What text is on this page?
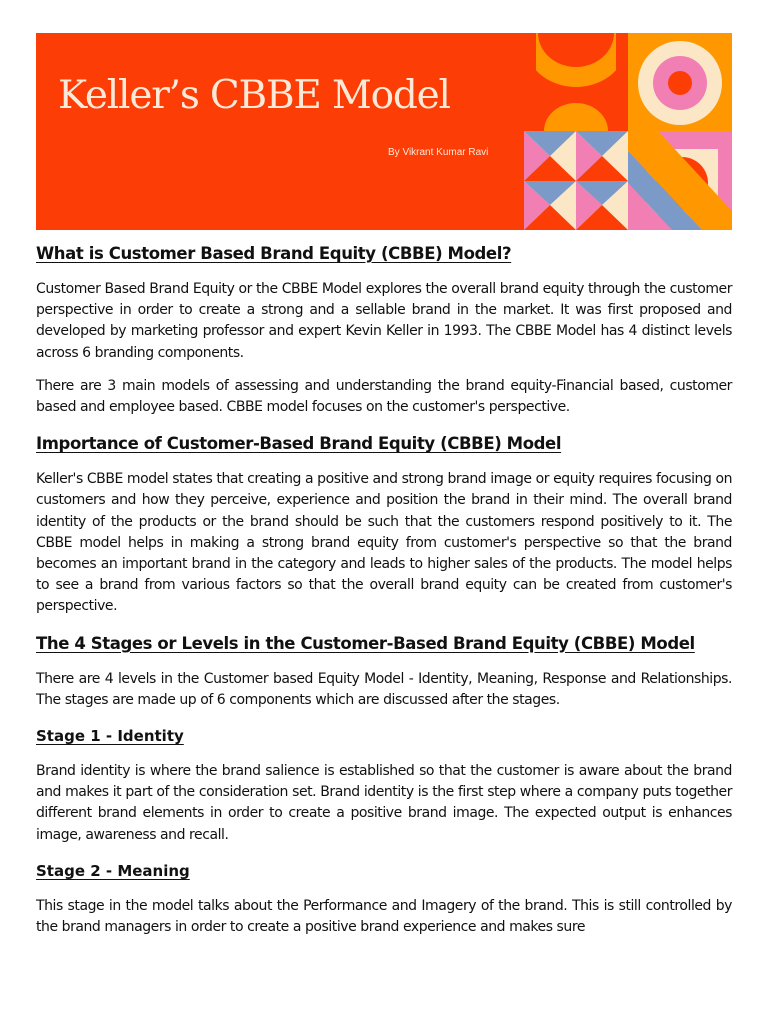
Keller’s CBBE Model
By Vikrant Kumar Ravi
What is Customer Based Brand Equity (CBBE) Model?

Customer Based Brand Equity or the CBBE Model explores the overall brand equity through the customer perspective in order to create a strong and a sellable brand in the market. It was first proposed and developed by marketing professor and expert Kevin Keller in 1993. The CBBE Model has 4 distinct levels across 6 branding components.

There are 3 main models of assessing and understanding the brand equity-Financial based, customer based and employee based. CBBE model focuses on the customer's perspective.

Importance of Customer-Based Brand Equity (CBBE) Model

Keller's CBBE model states that creating a positive and strong brand image or equity requires focusing on customers and how they perceive, experience and position the brand in their mind. The overall brand identity of the products or the brand should be such that the customers respond positively to it. The CBBE model helps in making a strong brand equity from customer's perspective so that the brand becomes an important brand in the category and leads to higher sales of the products. The model helps to see a brand from various factors so that the overall brand equity can be created from customer's perspective.

The 4 Stages or Levels in the Customer-Based Brand Equity (CBBE) Model

There are 4 levels in the Customer based Equity Model - Identity, Meaning, Response and Relationships. The stages are made up of 6 components which are discussed after the stages.

Stage 1 - Identity

Brand identity is where the brand salience is established so that the customer is aware about the brand and makes it part of the consideration set. Brand identity is the first step where a company puts together different brand elements in order to create a positive brand image. The expected output is enhances image, awareness and recall.

Stage 2 - Meaning

This stage in the model talks about the Performance and Imagery of the brand. This is still controlled by the brand managers in order to create a positive brand experience and makes sure
